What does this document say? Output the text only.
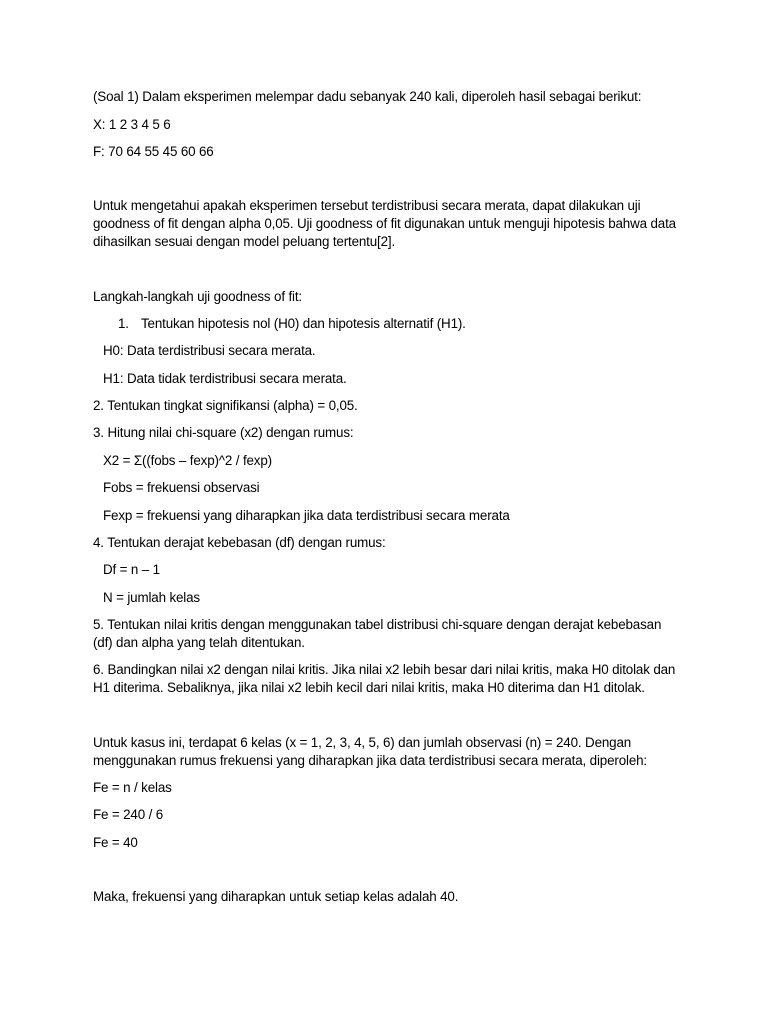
(Soal 1) Dalam eksperimen melempar dadu sebanyak 240 kali, diperoleh hasil sebagai berikut:
X: 1 2 3 4 5 6
F: 70 64 55 45 60 66
Untuk mengetahui apakah eksperimen tersebut terdistribusi secara merata, dapat dilakukan uji
goodness of fit dengan alpha 0,05. Uji goodness of fit digunakan untuk menguji hipotesis bahwa data
dihasilkan sesuai dengan model peluang tertentu[2].
Langkah-langkah uji goodness of fit:
1. Tentukan hipotesis nol (H0) dan hipotesis alternatif (H1).
H0: Data terdistribusi secara merata.
H1: Data tidak terdistribusi secara merata.
2. Tentukan tingkat signifikansi (alpha) = 0,05.
3. Hitung nilai chi-square (x2) dengan rumus:
X2 = Σ((fobs – fexp)^2 / fexp)
Fobs = frekuensi observasi
Fexp = frekuensi yang diharapkan jika data terdistribusi secara merata
4. Tentukan derajat kebebasan (df) dengan rumus:
Df = n – 1
N = jumlah kelas
5. Tentukan nilai kritis dengan menggunakan tabel distribusi chi-square dengan derajat kebebasan
(df) dan alpha yang telah ditentukan.
6. Bandingkan nilai x2 dengan nilai kritis. Jika nilai x2 lebih besar dari nilai kritis, maka H0 ditolak dan
H1 diterima. Sebaliknya, jika nilai x2 lebih kecil dari nilai kritis, maka H0 diterima dan H1 ditolak.
Untuk kasus ini, terdapat 6 kelas (x = 1, 2, 3, 4, 5, 6) dan jumlah observasi (n) = 240. Dengan
menggunakan rumus frekuensi yang diharapkan jika data terdistribusi secara merata, diperoleh:
Fe = n / kelas
Fe = 240 / 6
Fe = 40
Maka, frekuensi yang diharapkan untuk setiap kelas adalah 40.
